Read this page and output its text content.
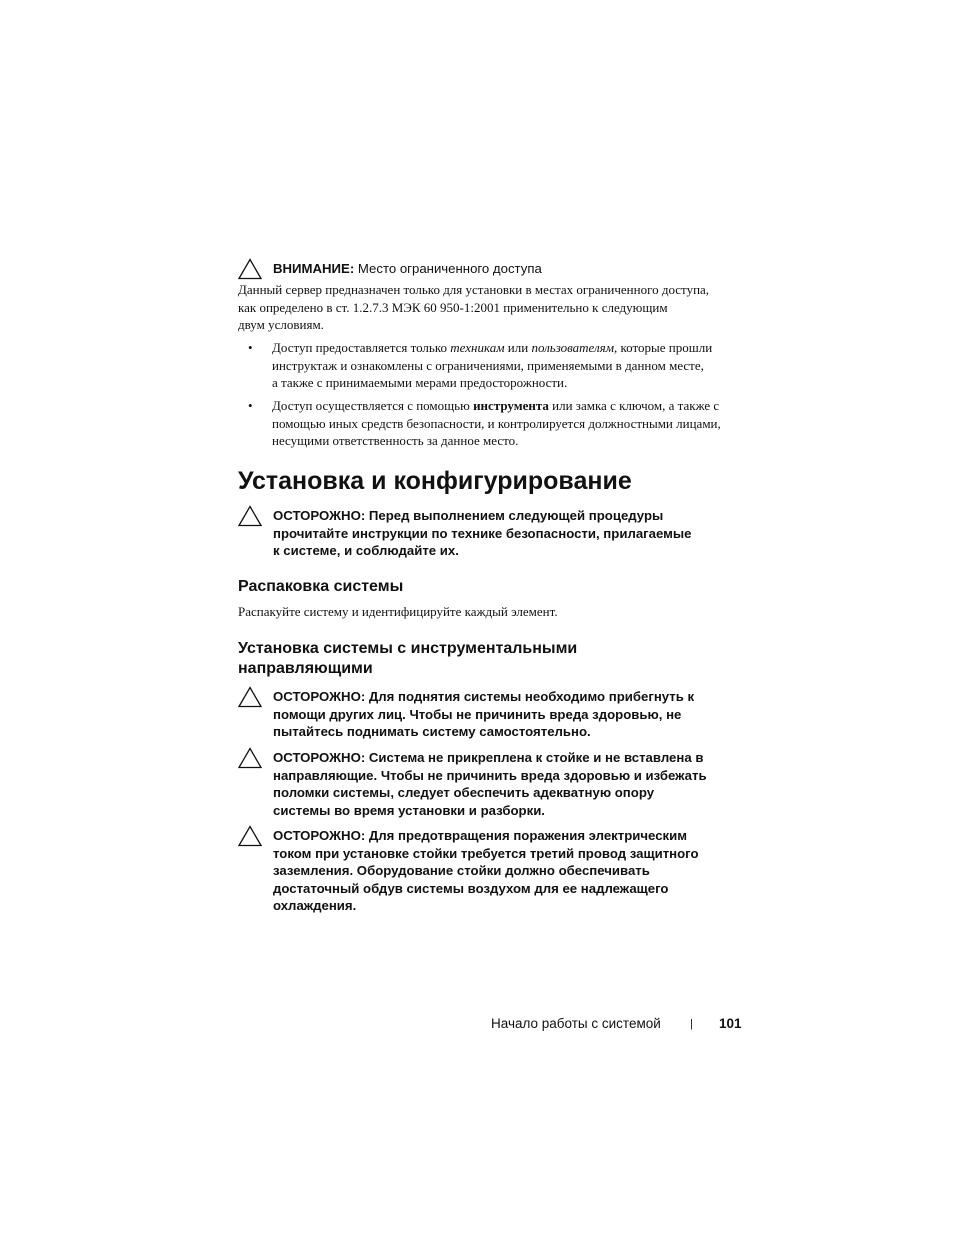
ВНИМАНИЕ: Место ограниченного доступа
Данный сервер предназначен только для установки в местах ограниченного доступа,
как определено в ст. 1.2.7.3 МЭК 60 950-1:2001 применительно к следующим
двум условиям.
• Доступ предоставляется только техникам или пользователям, которые прошли
инструктаж и ознакомлены с ограничениями, применяемыми в данном месте,
а также с принимаемыми мерами предосторожности.
• Доступ осуществляется с помощью инструмента или замка с ключом, а также с
помощью иных средств безопасности, и контролируется должностными лицами,
несущими ответственность за данное место.
Установка и конфигурирование
ОСТОРОЖНО: Перед выполнением следующей процедуры
прочитайте инструкции по технике безопасности, прилагаемые
к системе, и соблюдайте их.
Распаковка системы
Распакуйте систему и идентифицируйте каждый элемент.
Установка системы с инструментальными
направляющими
ОСТОРОЖНО: Для поднятия системы необходимо прибегнуть к
помощи других лиц. Чтобы не причинить вреда здоровью, не
пытайтесь поднимать систему самостоятельно.
ОСТОРОЖНО: Система не прикреплена к стойке и не вставлена в
направляющие. Чтобы не причинить вреда здоровью и избежать
поломки системы, следует обеспечить адекватную опору
системы во время установки и разборки.
ОСТОРОЖНО: Для предотвращения поражения электрическим
током при установке стойки требуется третий провод защитного
заземления. Оборудование стойки должно обеспечивать
достаточный обдув системы воздухом для ее надлежащего
охлаждения.
Начало работы с системой	| 101
